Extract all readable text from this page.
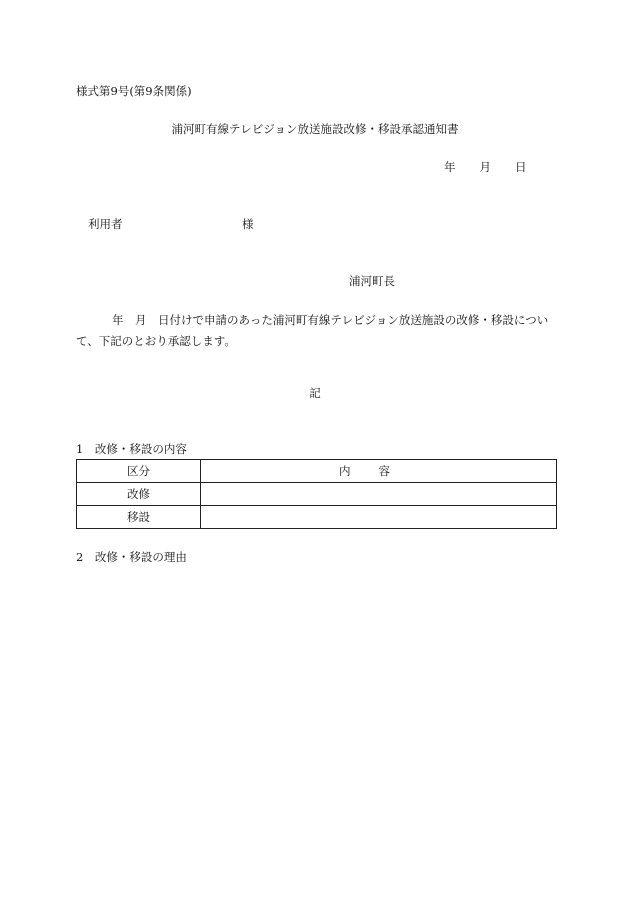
様式第9号(第9条関係)
浦河町有線テレビジョン放送施設改修・移設承認通知書
年 月 日
利用者	様
浦河町長
年　月　日付けで申請のあった浦河町有線テレビジョン放送施設の改修・移設について、下記のとおり承認します。
記
1　改修・移設の内容
区分	内容
改修	
移設	
2　改修・移設の理由
